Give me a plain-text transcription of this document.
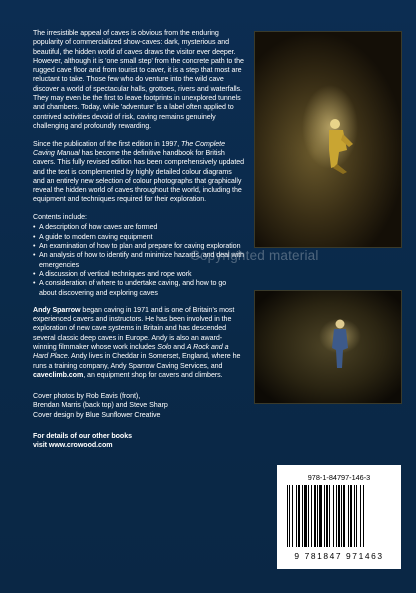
The irresistible appeal of caves is obvious from the enduring popularity of commercialized show-caves: dark, mysterious and beautiful, the hidden world of caves draws the visitor ever deeper. However, although it is 'one small step' from the concrete path to the rugged cave floor and from tourist to caver, it is a step that most are reluctant to take. Those few who do venture into the wild cave discover a world of spectacular halls, grottoes, rivers and waterfalls. They may even be the first to leave footprints in unexplored tunnels and chambers. Today, while 'adventure' is a label often applied to contrived activities devoid of risk, caving remains genuinely challenging and profoundly rewarding.

Since the publication of the first edition in 1997, The Complete Caving Manual has become the definitive handbook for British cavers. This fully revised edition has been comprehensively updated and the text is complemented by highly detailed colour diagrams and an entirely new selection of colour photographs that graphically reveal the hidden world of caves throughout the world, including the equipment and techniques required for their exploration.

Contents include:

• A description of how caves are formed
• A guide to modern caving equipment
• An examination of how to plan and prepare for caving exploration
• An analysis of how to identify and minimize hazards, and deal with emergencies
• A discussion of vertical techniques and rope work
• A consideration of where to undertake caving, and how to go about discovering and exploring caves

Andy Sparrow began caving in 1971 and is one of Britain's most experienced cavers and instructors. He has been involved in the exploration of new cave systems in Britain and has descended several classic deep caves in Europe. Andy is also an award-winning filmmaker whose work includes Solo and A Rock and a Hard Place. Andy lives in Cheddar in Somerset, England, where he runs a training company, Andy Sparrow Caving Services, and caveclimb.com, an equipment shop for cavers and climbers.

Cover photos by Rob Eavis (front),
Brendan Marris (back top) and Steve Sharp
Cover design by Blue Sunflower Creative

For details of our other books
visit www.crowood.com

Copyrighted material
978-1-84797-146-3
9 781847 971463
